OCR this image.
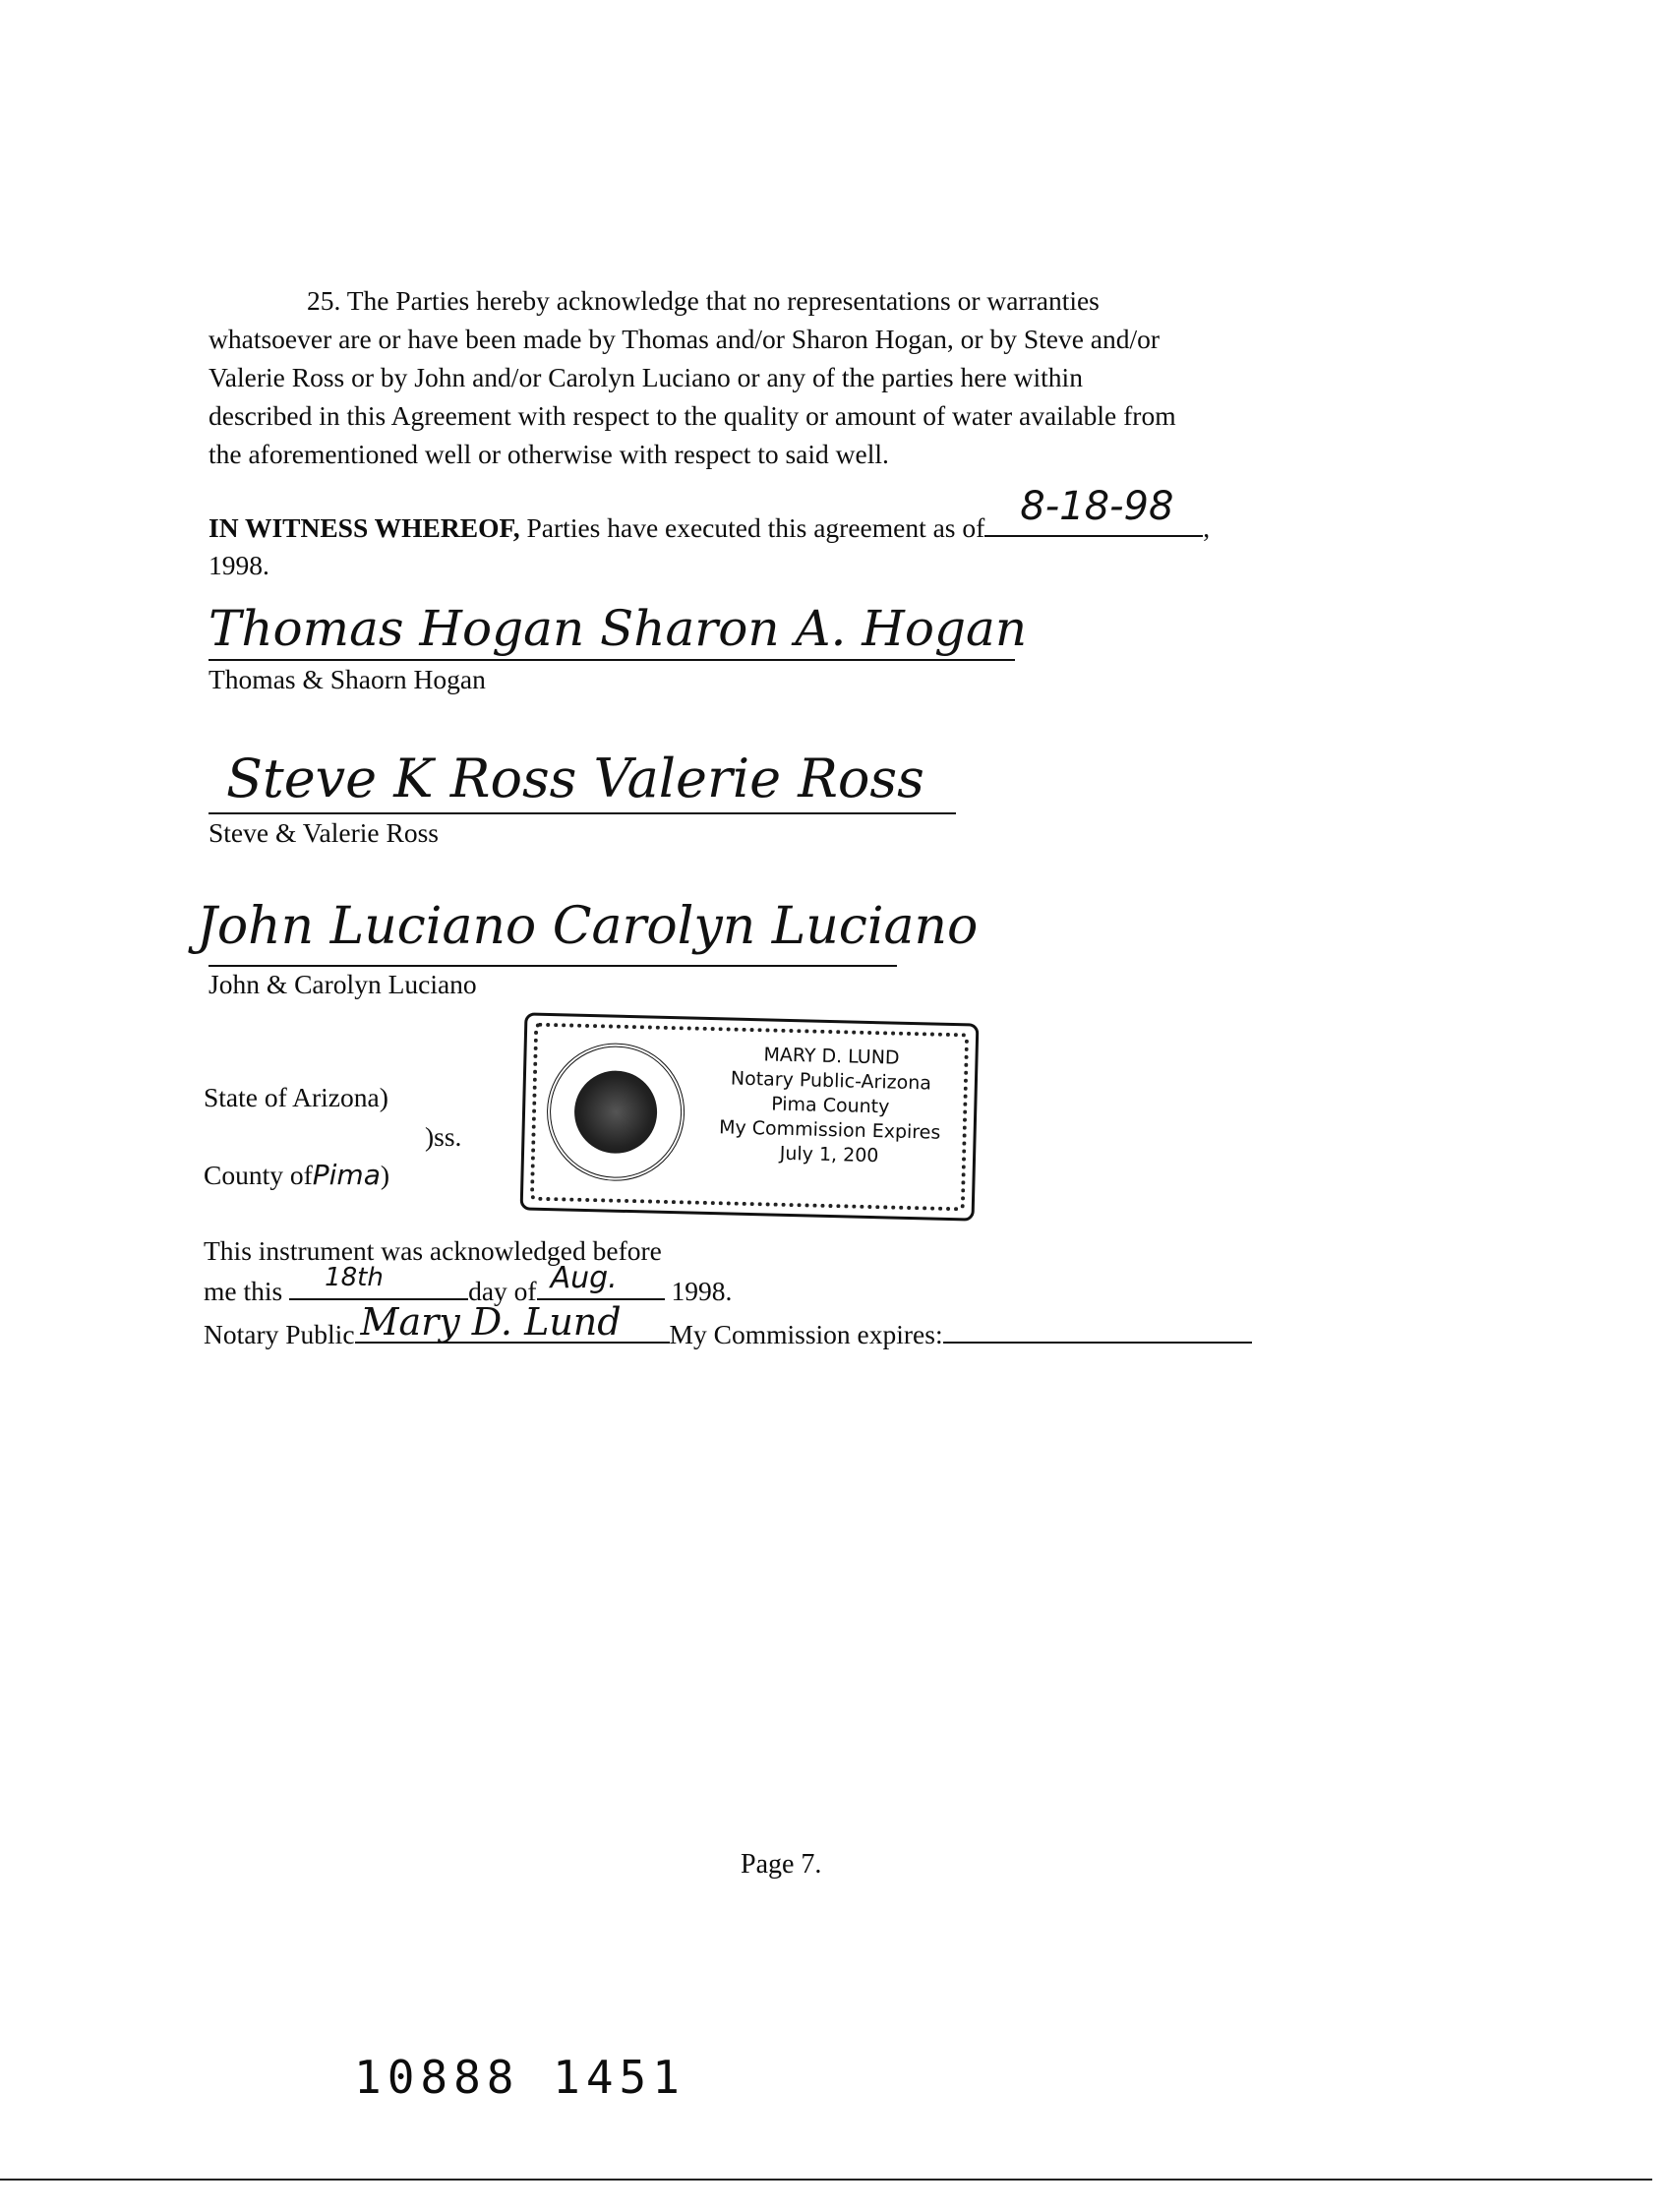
25. The Parties hereby acknowledge that no representations or warranties
whatsoever are or have been made by Thomas and/or Sharon Hogan, or by Steve and/or
Valerie Ross or by John and/or Carolyn Luciano or any of the parties here within
described in this Agreement with respect to the quality or amount of water available from
the aforementioned well or otherwise with respect to said well.
IN WITNESS WHEREOF, Parties have executed this agreement as of 8-18-98 ,
1998.
Thomas Hogan Sharon A. Hogan
Thomas & Shaorn Hogan
Steve K Ross Valerie Ross
Steve & Valerie Ross
John Luciano Carolyn Luciano
John & Carolyn Luciano
State of Arizona)
)ss.
County ofPima)
MARY D. LUND
Notary Public-Arizona
Pima County
My Commission Expires
July 1, 200
This instrument was acknowledged before
me this 18th	day of Aug. 1998.
Notary Public Mary D. Lund My Commission expires:
Page 7.
10888 1451
